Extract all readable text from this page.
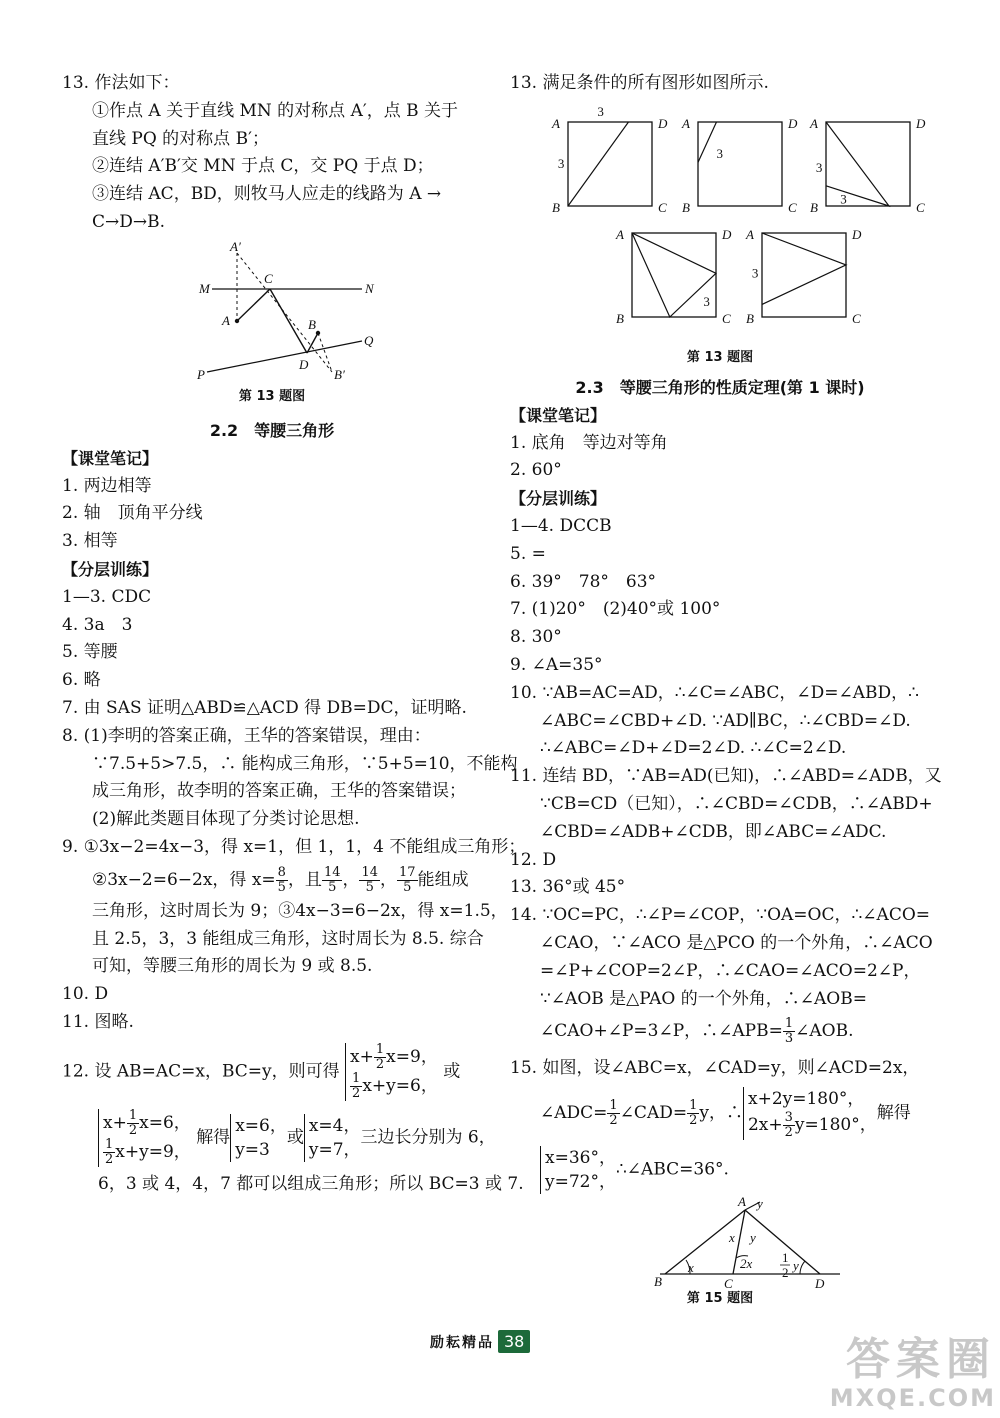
13. 作法如下：
①作点 A 关于直线 MN 的对称点 A′，点 B 关于
直线 PQ 的对称点 B′；
②连结 A′B′交 MN 于点 C，交 PQ 于点 D；
③连结 AC，BD，则牧马人应走的线路为 A →
C→D→B.
A′
M
C
N
A	B
Q
D
P	B′
第 13 题图
2.2　等腰三角形
【课堂笔记】
1. 两边相等
2. 轴　顶角平分线
3. 相等
【分层训练】
1—3. CDC
4. 3a　3
5. 等腰
6. 略
7. 由 SAS 证明△ABD≌△ACD 得 DB=DC，证明略.
8. (1)李明的答案正确，王华的答案错误，理由：
∵7.5+5>7.5，∴ 能构成三角形，∵5+5=10，不能构
成三角形，故李明的答案正确，王华的答案错误；
(2)解此类题目体现了分类讨论思想.
9. ①3x−2=4x−3，得 x=1，但 1，1，4 不能组成三角形；
②3x−2=6−2x，得 $x= \frac{8}{5}$ ，且 $\frac{14}{5}$ ， $\frac{14}{5}$ ， $\frac{17}{5}$ 能组成
三角形，这时周长为 9；③4x−3=6−2x，得 x=1.5，
且 2.5，3，3 能组成三角形，这时周长为 8.5. 综合
可知，等腰三角形的周长为 9 或 8.5.
10. D
11. 图略.
12. 设 AB=AC=x，BC=y，则可得
$x+ \frac{1}{2} x=9$，
$\frac{1}{2} x+y=6$，
或
$x+ \frac{1}{2} x=6$，
$\frac{1}{2} x+y=9$，
解得
x=6，
y=3
或
x=4，
y=7，
三边长分别为 6，
6，3 或 4，4，7 都可以组成三角形；所以 BC=3 或 7.
13. 满足条件的所有图形如图所示.
A	D
B	C
3
3
A	D
B	C
3
A	D
B	C
3
3
A	D
B	C
3
A	D
B	C
3
第 13 题图
2.3　等腰三角形的性质定理(第 1 课时)
【课堂笔记】
1. 底角　等边对等角
2. 60°
【分层训练】
1—4. DCCB
5. =
6. 39°　78°　63°
7. (1)20°　(2)40°或 100°
8. 30°
9. ∠A=35°
10. ∵AB=AC=AD，∴∠C=∠ABC，∠D=∠ABD，∴
∠ABC=∠CBD+∠D. ∵AD∥BC，∴∠CBD=∠D.
∴∠ABC=∠D+∠D=2∠D. ∴∠C=2∠D.
11. 连结 BD，∵AB=AD(已知)，∴∠ABD=∠ADB，又
∵CB=CD（已知），∴∠CBD=∠CDB，∴∠ABD+
∠CBD=∠ADB+∠CDB，即∠ABC=∠ADC.
12. D
13. 36°或 45°
14. ∵OC=PC，∴∠P=∠COP，∵OA=OC，∴∠ACO=
∠CAO，∵∠ACO 是△PCO 的一个外角，∴∠ACO
=∠P+∠COP=2∠P，∴∠CAO=∠ACO=2∠P，
∵∠AOB 是△PAO 的一个外角，∴∠AOB=
∠CAO+∠P=3∠P，∴∠APB= $\frac{1}{3}$ ∠AOB.
15. 如图，设∠ABC=x，∠CAD=y，则∠ACD=2x，
∠ADC= $\frac{1}{2}$ ∠CAD= $\frac{1}{2}$ y，∴
x+2y=180°，
$2x+ \frac{3}{2} y=180^\circ$，
解得
x=36°，
y=72°，
∴∠ABC=36°.
A
B	C	D
x
x y
y
2x 1
2 y
第 15 题图
励耘精品 38	答案圈
MXQE.COM
